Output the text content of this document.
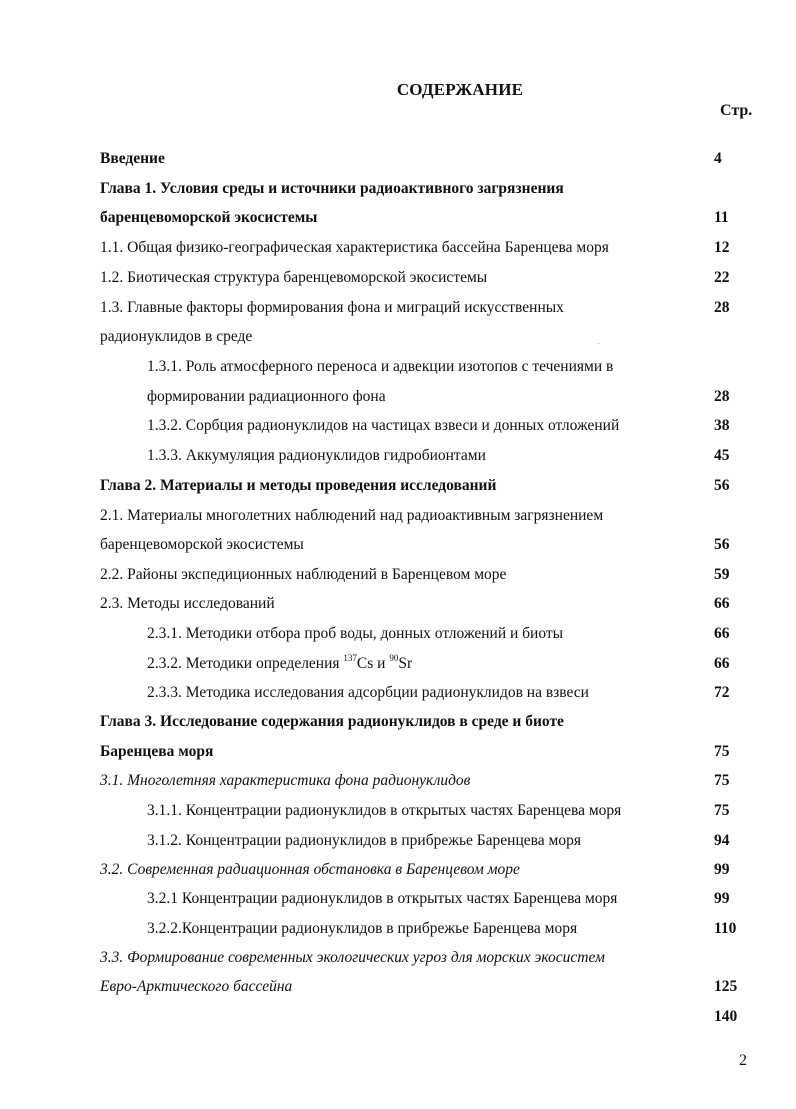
СОДЕРЖАНИЕ
Стр.
Введение	4
Глава 1. Условия среды и источники радиоактивного загрязнения
баренцевоморской экосистемы	11
1.1. Общая физико-географическая характеристика бассейна Баренцева моря	12
1.2. Биотическая структура баренцевоморской экосистемы	22
1.3. Главные факторы формирования фона и миграций искусственных	28
радионуклидов в среде
1.3.1. Роль атмосферного переноса и адвекции изотопов с течениями в
формировании радиационного фона	28
1.3.2. Сорбция радионуклидов на частицах взвеси и донных отложений	38
1.3.3. Аккумуляция радионуклидов гидробионтами	45
Глава 2. Материалы и методы проведения исследований	56
2.1. Материалы многолетних наблюдений над радиоактивным загрязнением
баренцевоморской экосистемы	56
2.2. Районы экспедиционных наблюдений в Баренцевом море	59
2.3. Методы исследований	66
2.3.1. Методики отбора проб воды, донных отложений и биоты	66
2.3.2. Методики определения $^{137}$Cs и $^{90}$Sr	66
2.3.3. Методика исследования адсорбции радионуклидов на взвеси	72
Глава 3. Исследование содержания радионуклидов в среде и биоте
Баренцева моря	75
3.1. Многолетняя характеристика фона радионуклидов	75
3.1.1. Концентрации радионуклидов в открытых частях Баренцева моря	75
3.1.2. Концентрации радионуклидов в прибрежье Баренцева моря	94
3.2. Современная радиационная обстановка в Баренцевом море	99
3.2.1 Концентрации радионуклидов в открытых частях Баренцева моря	99
3.2.2.Концентрации радионуклидов в прибрежье Баренцева моря	110
3.3. Формирование современных экологических угроз для морских экосистем
Евро-Арктического бассейна	125
140
2
